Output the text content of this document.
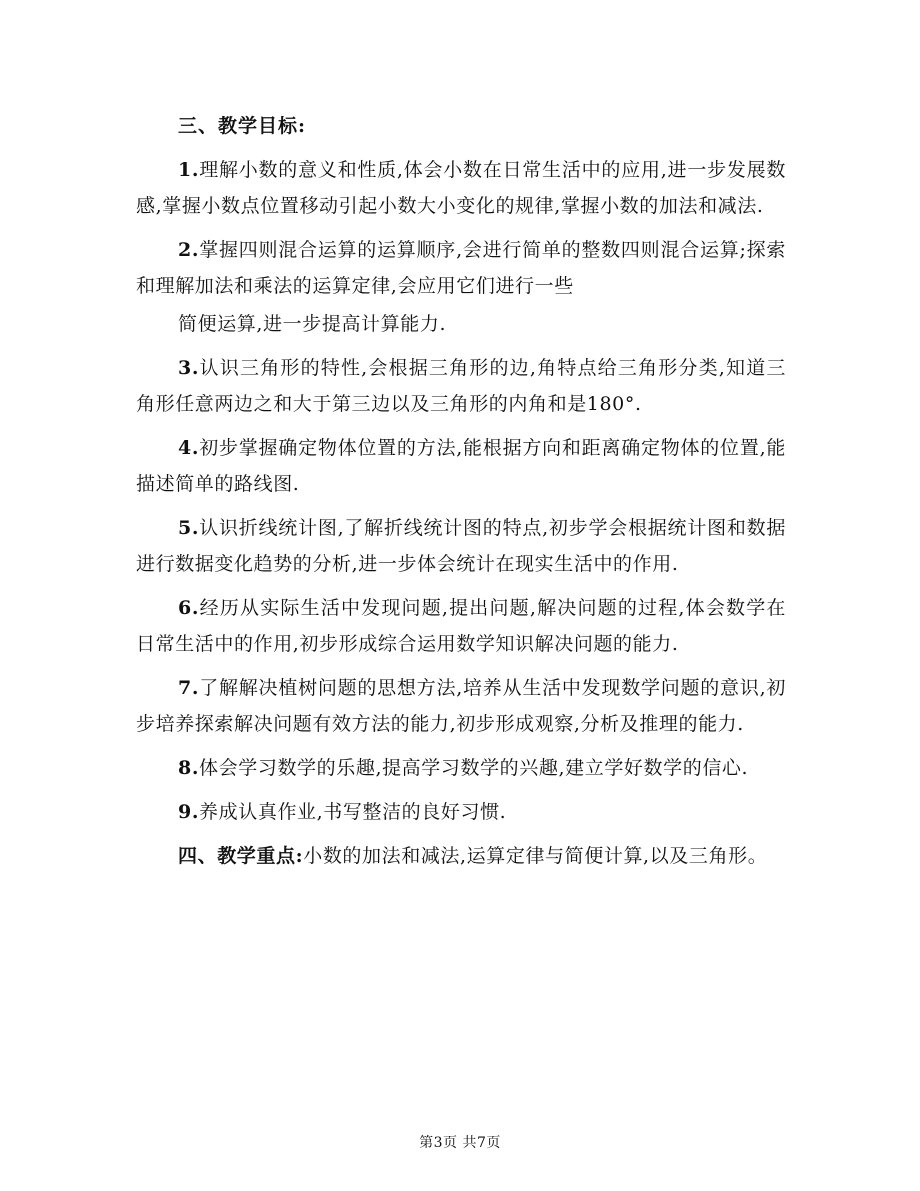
三、教学目标:

1.理解小数的意义和性质,体会小数在日常生活中的应用,进一步发展数感,掌握小数点位置移动引起小数大小变化的规律,掌握小数的加法和减法.

2.掌握四则混合运算的运算顺序,会进行简单的整数四则混合运算;探索和理解加法和乘法的运算定律,会应用它们进行一些

简便运算,进一步提高计算能力.

3.认识三角形的特性,会根据三角形的边,角特点给三角形分类,知道三角形任意两边之和大于第三边以及三角形的内角和是180°.

4.初步掌握确定物体位置的方法,能根据方向和距离确定物体的位置,能描述简单的路线图.

5.认识折线统计图,了解折线统计图的特点,初步学会根据统计图和数据进行数据变化趋势的分析,进一步体会统计在现实生活中的作用.

6.经历从实际生活中发现问题,提出问题,解决问题的过程,体会数学在日常生活中的作用,初步形成综合运用数学知识解决问题的能力.

7.了解解决植树问题的思想方法,培养从生活中发现数学问题的意识,初步培养探索解决问题有效方法的能力,初步形成观察,分析及推理的能力.

8.体会学习数学的乐趣,提高学习数学的兴趣,建立学好数学的信心.

9.养成认真作业,书写整洁的良好习惯.

四、教学重点:小数的加法和减法,运算定律与简便计算,以及三角形。

第3页 共7页
